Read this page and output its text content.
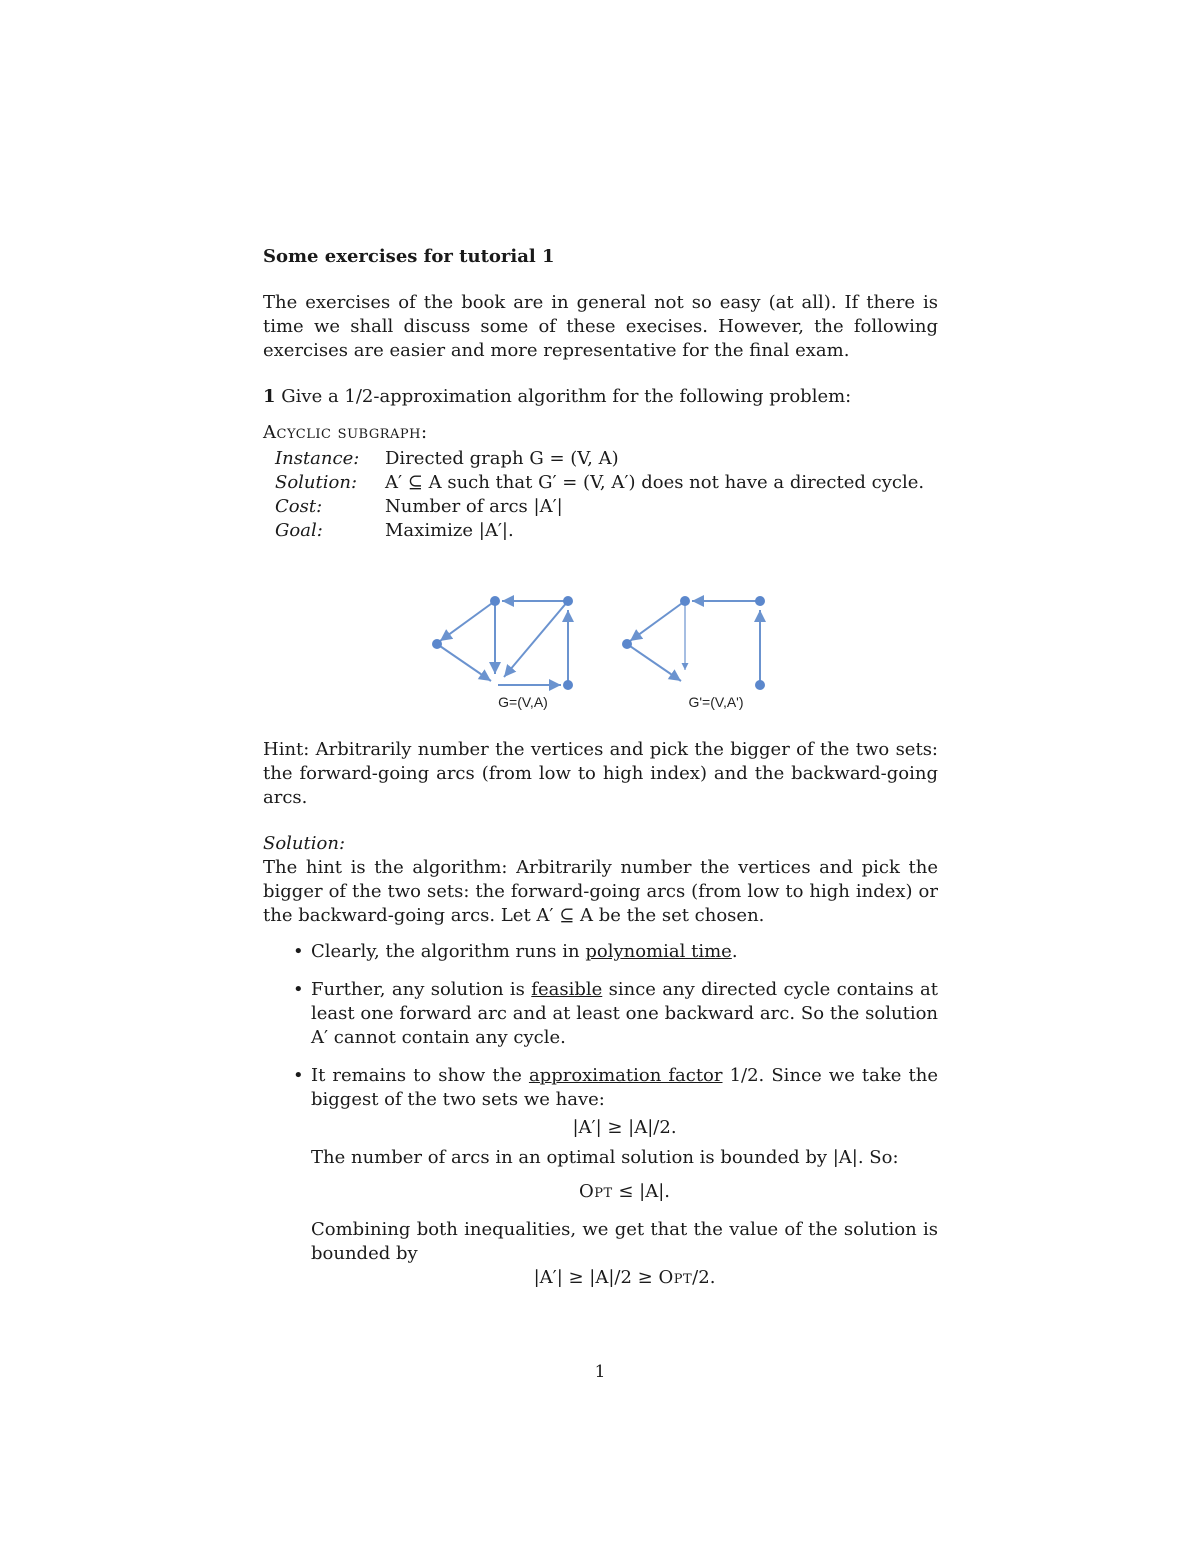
Some exercises for tutorial 1

The exercises of the book are in general not so easy (at all). If there is time we shall discuss some of these execises. However, the following exercises are easier and more representative for the final exam.

1 Give a 1/2-approximation algorithm for the following problem:

Acyclic subgraph:

Instance:	Directed graph G = (V, A)
Solution:	A′ ⊆ A such that G′ = (V, A′) does not have a directed cycle.
Cost:	Number of arcs |A′|
Goal:	Maximize |A′|.

Hint: Arbitrarily number the vertices and pick the bigger of the two sets: the forward-going arcs (from low to high index) and the backward-going arcs.

Solution:

The hint is the algorithm: Arbitrarily number the vertices and pick the bigger of the two sets: the forward-going arcs (from low to high index) or the backward-going arcs. Let A′ ⊆ A be the set chosen.

• Clearly, the algorithm runs in polynomial time.
• Further, any solution is feasible since any directed cycle contains at least one forward arc and at least one backward arc. So the solution A′ cannot contain any cycle.
• It remains to show the approximation factor 1/2. Since we take the biggest of the two sets we have:
|A′| ≥ |A|/2.
The number of arcs in an optimal solution is bounded by |A|. So:
Opt ≤ |A|.
Combining both inequalities, we get that the value of the solution is bounded by
|A′| ≥ |A|/2 ≥ Opt/2.
G=(V,A)	G'=(V,A')
1
